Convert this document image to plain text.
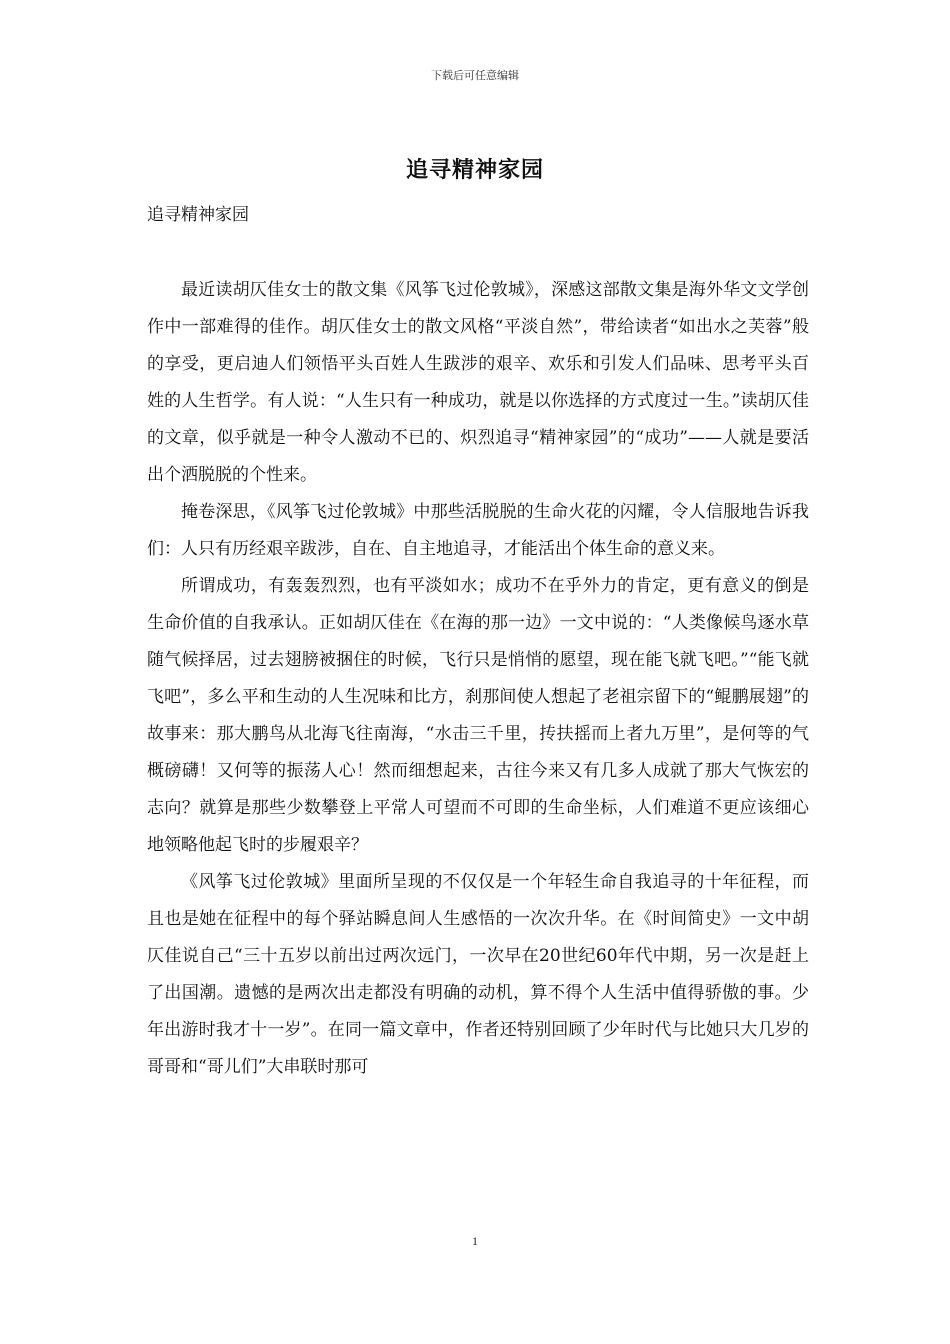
下载后可任意编辑
追寻精神家园
追寻精神家园

最近读胡仄佳女士的散文集《风筝飞过伦敦城》，深感这部散文集是海外华文文学创作中一部难得的佳作。胡仄佳女士的散文风格“平淡自然”，带给读者“如出水之芙蓉”般的享受，更启迪人们领悟平头百姓人生跋涉的艰辛、欢乐和引发人们品味、思考平头百姓的人生哲学。有人说：“人生只有一种成功，就是以你选择的方式度过一生。”读胡仄佳的文章，似乎就是一种令人激动不已的、炽烈追寻“精神家园”的“成功”——人就是要活出个洒脱脱的个性来。

掩卷深思，《风筝飞过伦敦城》中那些活脱脱的生命火花的闪耀，令人信服地告诉我们：人只有历经艰辛跋涉，自在、自主地追寻，才能活出个体生命的意义来。

所谓成功，有轰轰烈烈，也有平淡如水；成功不在乎外力的肯定，更有意义的倒是生命价值的自我承认。正如胡仄佳在《在海的那一边》一文中说的：“人类像候鸟逐水草随气候择居，过去翅膀被捆住的时候，飞行只是悄悄的愿望，现在能飞就飞吧。”“能飞就飞吧”，多么平和生动的人生况味和比方，刹那间使人想起了老祖宗留下的“鲲鹏展翅”的故事来：那大鹏鸟从北海飞往南海，“水击三千里，抟扶摇而上者九万里”，是何等的气概磅礴！又何等的振荡人心！然而细想起来，古往今来又有几多人成就了那大气恢宏的志向？就算是那些少数攀登上平常人可望而不可即的生命坐标，人们难道不更应该细心地领略他起飞时的步履艰辛？

《风筝飞过伦敦城》里面所呈现的不仅仅是一个年轻生命自我追寻的十年征程，而且也是她在征程中的每个驿站瞬息间人生感悟的一次次升华。在《时间简史》一文中胡仄佳说自己“三十五岁以前出过两次远门，一次早在20世纪60年代中期，另一次是赶上了出国潮。遗憾的是两次出走都没有明确的动机，算不得个人生活中值得骄傲的事。少年出游时我才十一岁”。在同一篇文章中，作者还特别回顾了少年时代与比她只大几岁的哥哥和“哥儿们”大串联时那可

1
